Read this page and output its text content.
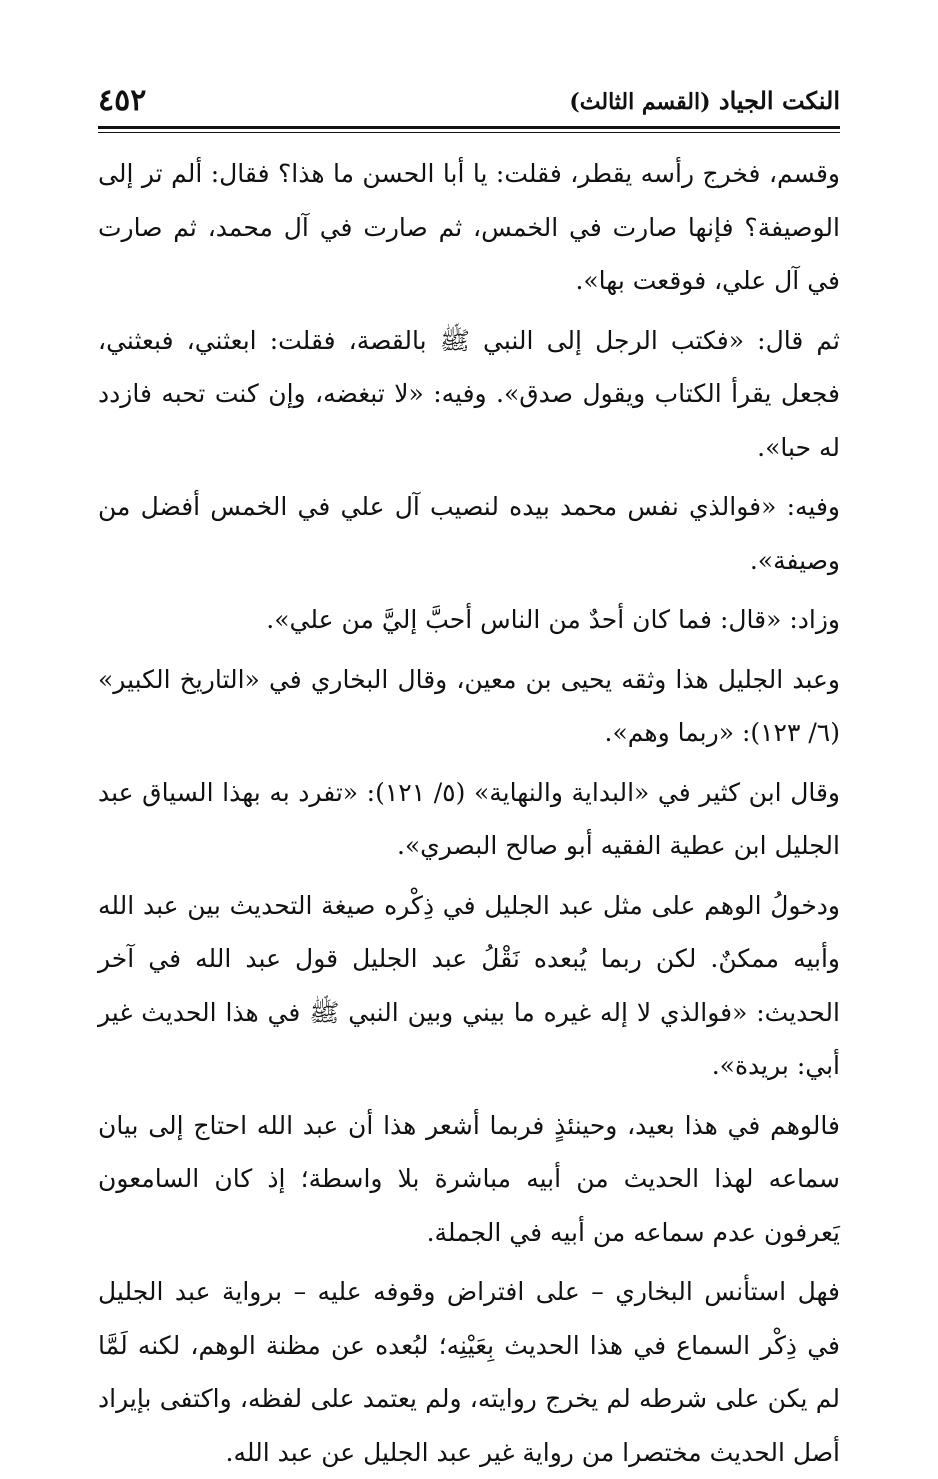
النكت الجياد (القسم الثالث)
٤٥٢

وقسم، فخرج رأسه يقطر، فقلت: يا أبا الحسن ما هذا؟ فقال: ألم تر إلى الوصيفة؟ فإنها صارت في الخمس، ثم صارت في آل محمد، ثم صارت في آل علي، فوقعت بها».

ثم قال: «فكتب الرجل إلى النبي ﷺ بالقصة، فقلت: ابعثني، فبعثني، فجعل يقرأ الكتاب ويقول صدق». وفيه: «لا تبغضه، وإن كنت تحبه فازدد له حبا».

وفيه: «فوالذي نفس محمد بيده لنصيب آل علي في الخمس أفضل من وصيفة».

وزاد: «قال: فما كان أحدٌ من الناس أحبَّ إليَّ من علي».

وعبد الجليل هذا وثقه يحيى بن معين، وقال البخاري في «التاريخ الكبير» (٦/ ١٢٣): «ربما وهم».

وقال ابن كثير في «البداية والنهاية» (٥/ ١٢١): «تفرد به بهذا السياق عبد الجليل ابن عطية الفقيه أبو صالح البصري».

ودخولُ الوهم على مثل عبد الجليل في ذِكْره صيغة التحديث بين عبد الله وأبيه ممكنٌ. لكن ربما يُبعده نَقْلُ عبد الجليل قول عبد الله في آخر الحديث: «فوالذي لا إله غيره ما بيني وبين النبي ﷺ في هذا الحديث غير أبي: بريدة».

فالوهم في هذا بعيد، وحينئذٍ فربما أشعر هذا أن عبد الله احتاج إلى بيان سماعه لهذا الحديث من أبيه مباشرة بلا واسطة؛ إذ كان السامعون يَعرفون عدم سماعه من أبيه في الجملة.

فهل استأنس البخاري – على افتراض وقوفه عليه – برواية عبد الجليل في ذِكْر السماع في هذا الحديث بِعَيْنِه؛ لبُعده عن مظنة الوهم، لكنه لَمَّا لم يكن على شرطه لم يخرج روايته، ولم يعتمد على لفظه، واكتفى بإيراد أصل الحديث مختصرا من رواية غير عبد الجليل عن عبد الله.
